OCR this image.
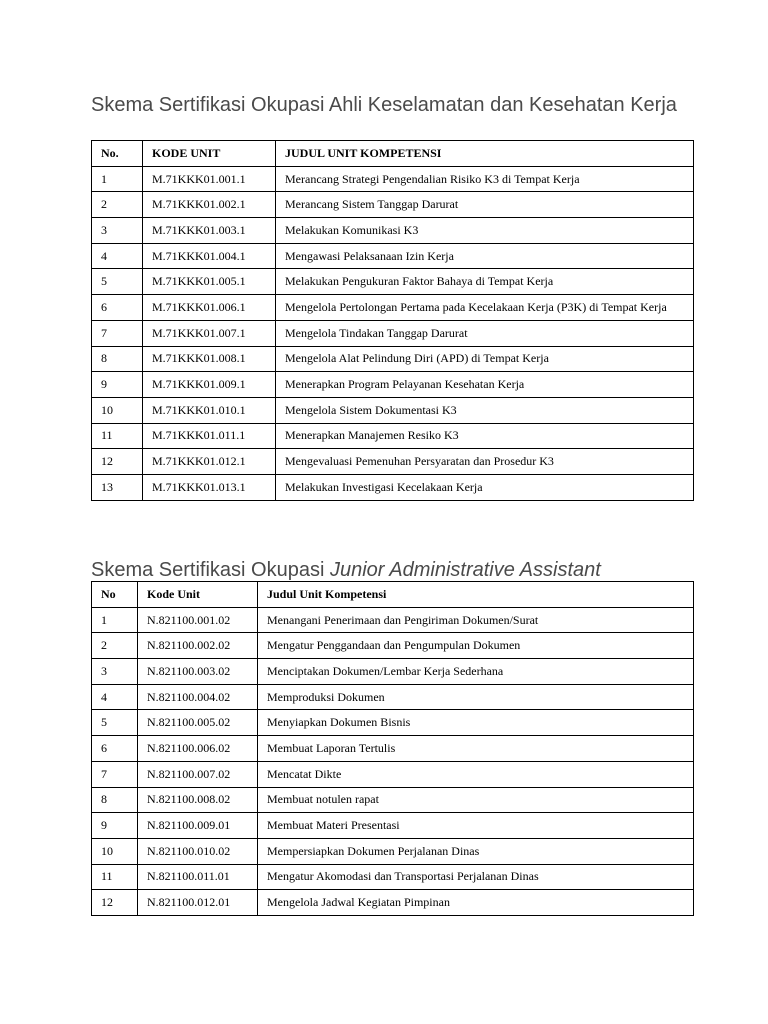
Skema Sertifikasi Okupasi Ahli Keselamatan dan Kesehatan Kerja
No.	KODE UNIT	JUDUL UNIT KOMPETENSI
1	M.71KKK01.001.1	Merancang Strategi Pengendalian Risiko K3 di Tempat Kerja
2	M.71KKK01.002.1	Merancang Sistem Tanggap Darurat
3	M.71KKK01.003.1	Melakukan Komunikasi K3
4	M.71KKK01.004.1	Mengawasi Pelaksanaan Izin Kerja
5	M.71KKK01.005.1	Melakukan Pengukuran Faktor Bahaya di Tempat Kerja
6	M.71KKK01.006.1	Mengelola Pertolongan Pertama pada Kecelakaan Kerja (P3K) di Tempat Kerja
7	M.71KKK01.007.1	Mengelola Tindakan Tanggap Darurat
8	M.71KKK01.008.1	Mengelola Alat Pelindung Diri (APD) di Tempat Kerja
9	M.71KKK01.009.1	Menerapkan Program Pelayanan Kesehatan Kerja
10	M.71KKK01.010.1	Mengelola Sistem Dokumentasi K3
11	M.71KKK01.011.1	Menerapkan Manajemen Resiko K3
12	M.71KKK01.012.1	Mengevaluasi Pemenuhan Persyaratan dan Prosedur K3
13	M.71KKK01.013.1	Melakukan Investigasi Kecelakaan Kerja
Skema Sertifikasi Okupasi Junior Administrative Assistant
No	Kode Unit	Judul Unit Kompetensi
1	N.821100.001.02	Menangani Penerimaan dan Pengiriman Dokumen/Surat
2	N.821100.002.02	Mengatur Penggandaan dan Pengumpulan Dokumen
3	N.821100.003.02	Menciptakan Dokumen/Lembar Kerja Sederhana
4	N.821100.004.02	Memproduksi Dokumen
5	N.821100.005.02	Menyiapkan Dokumen Bisnis
6	N.821100.006.02	Membuat Laporan Tertulis
7	N.821100.007.02	Mencatat Dikte
8	N.821100.008.02	Membuat notulen rapat
9	N.821100.009.01	Membuat Materi Presentasi
10	N.821100.010.02	Mempersiapkan Dokumen Perjalanan Dinas
11	N.821100.011.01	Mengatur Akomodasi dan Transportasi Perjalanan Dinas
12	N.821100.012.01	Mengelola Jadwal Kegiatan Pimpinan
